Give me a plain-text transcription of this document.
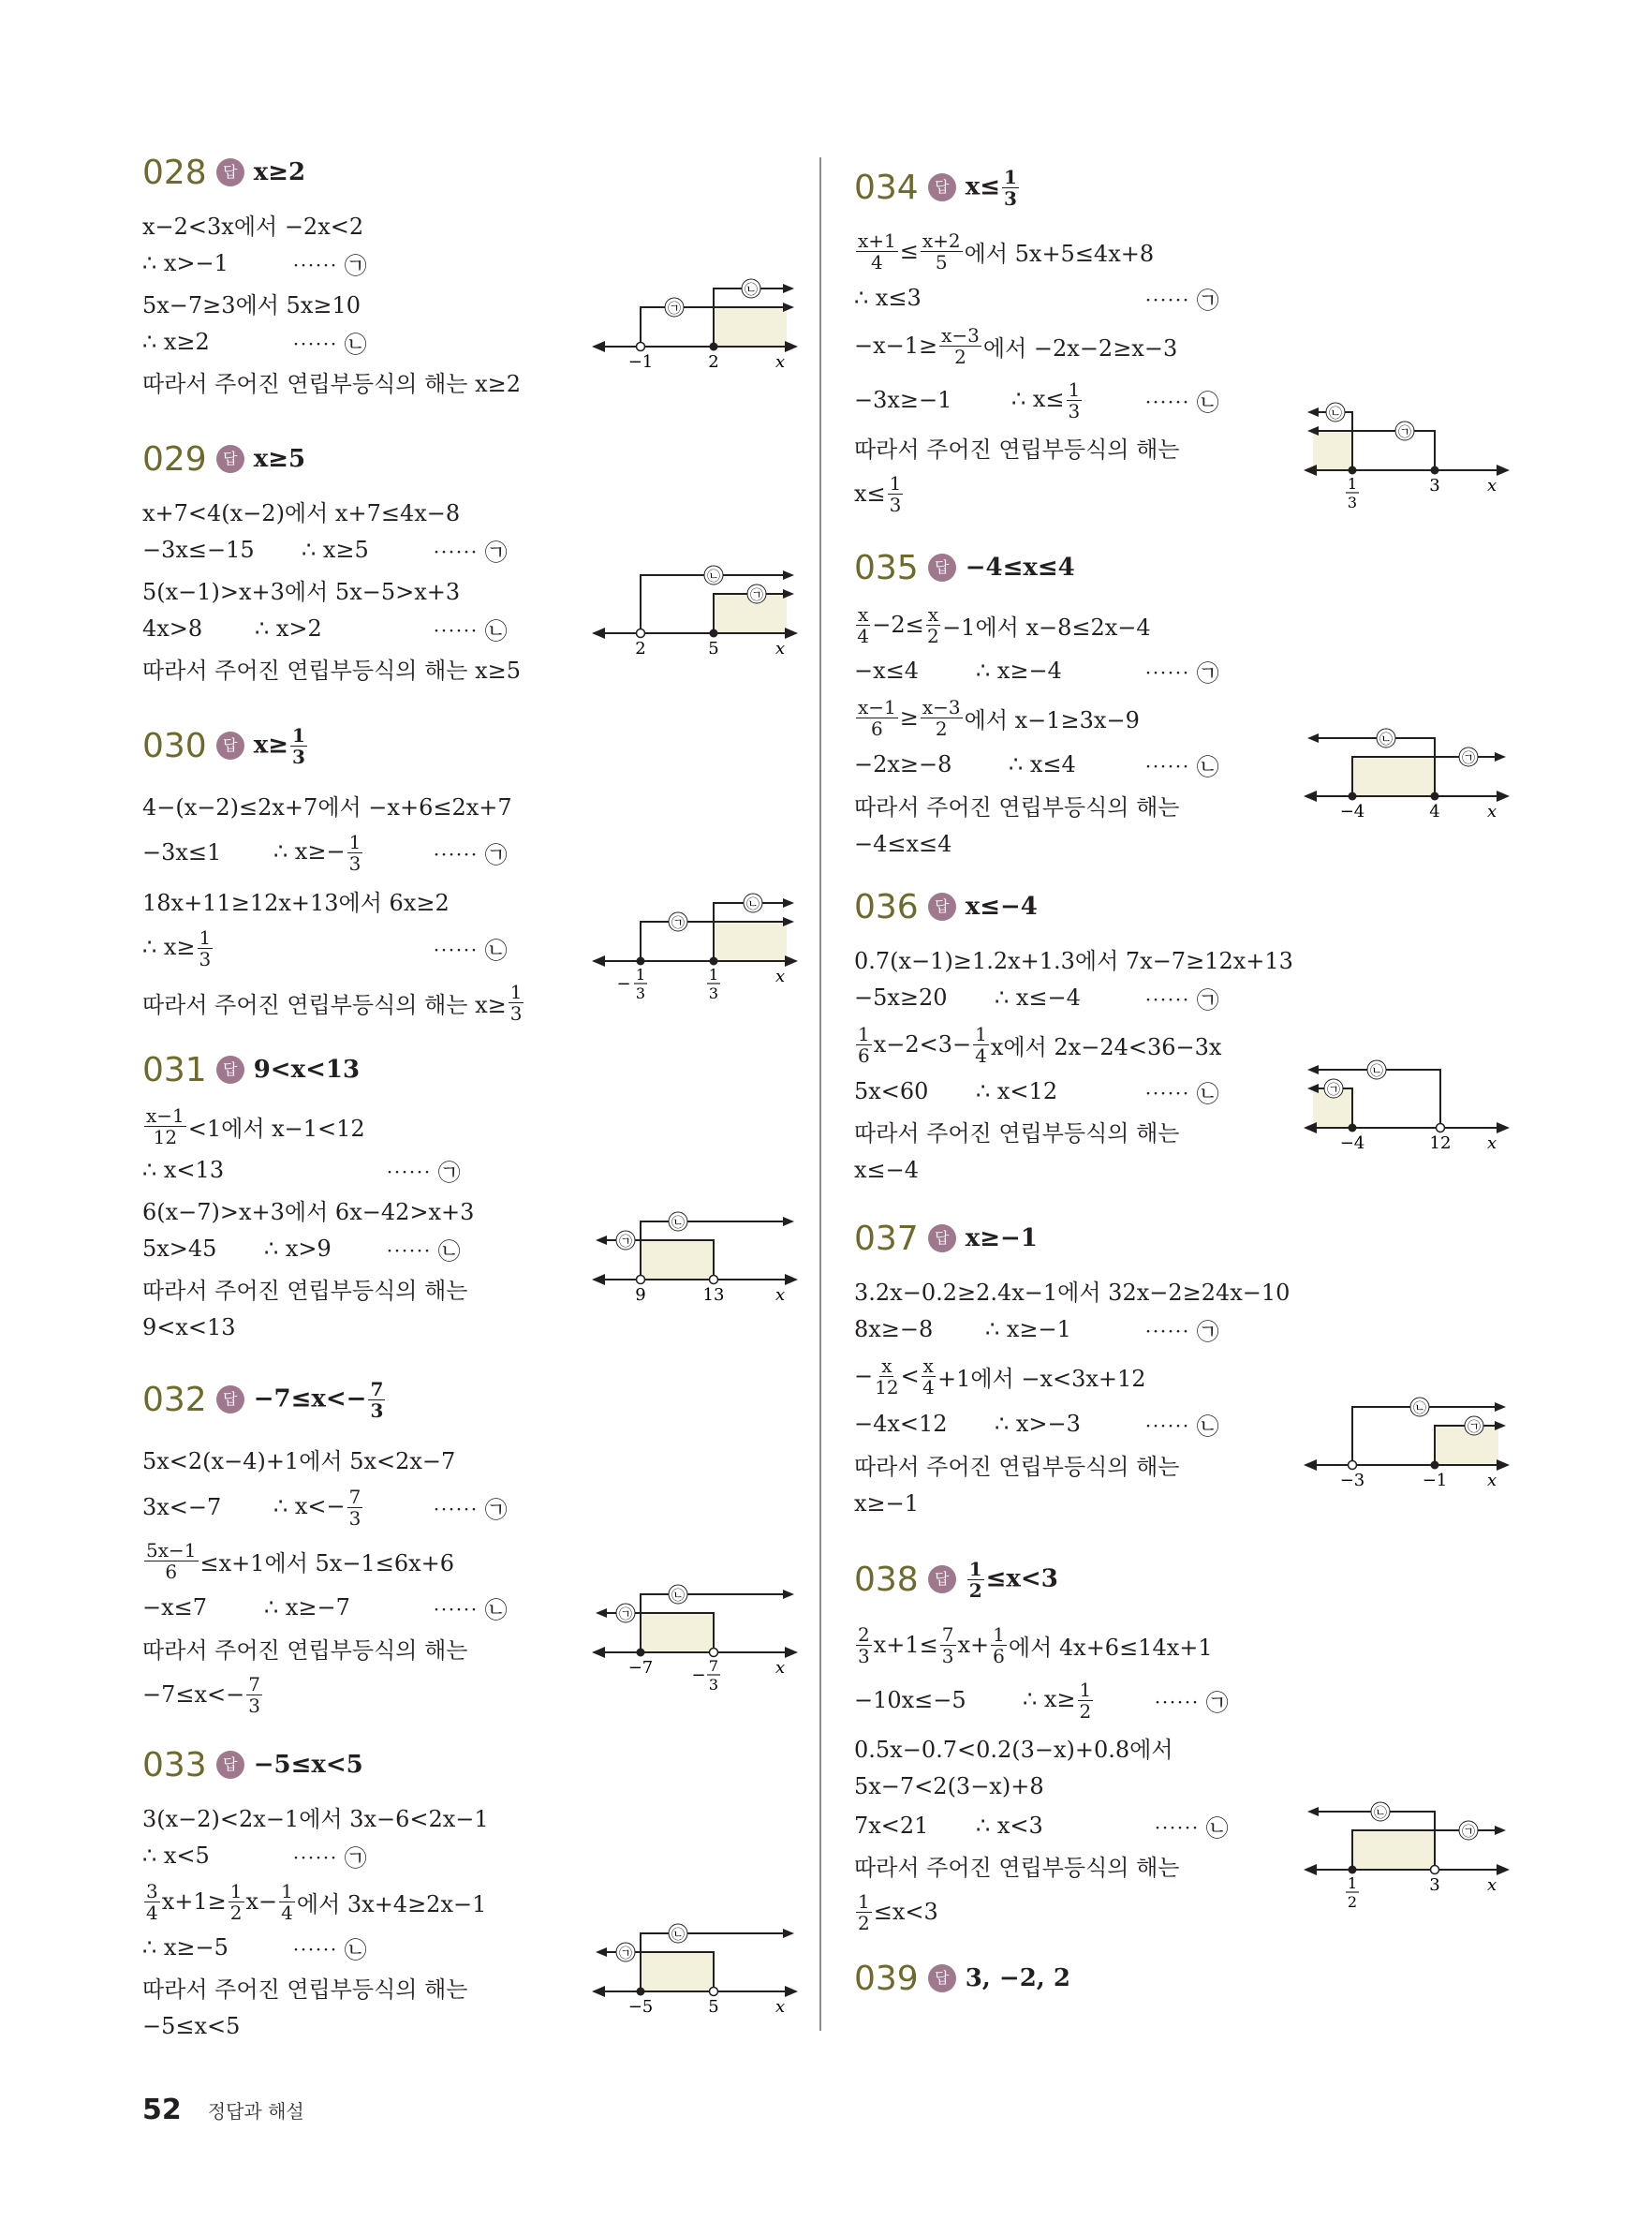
028	답 x≥2
x−2<3x에서 −2x<2
∴ x>−1	⋯⋯ ㉠
5x−7≥3에서 5x≥10
∴ x≥2	⋯⋯ ㉡
따라서 주어진 연립부등식의 해는 x≥2
㉠
㉡
−1	2	x
029	답 x≥5
x+7<4(x−2)에서 x+7≤4x−8
−3x≤−15 ∴ x≥5	⋯⋯ ㉠
5(x−1)>x+3에서 5x−5>x+3
4x>8 ∴ x>2	⋯⋯ ㉡
따라서 주어진 연립부등식의 해는 x≥5
㉡
㉠
2	5	x
030	답 $x\ge \frac{1}{3}$
4−(x−2)≤2x+7에서 −x+6≤2x+7
−3x≤1 ∴ $x\ge- \frac{1}{3}$	⋯⋯ ㉠
18x+11≥12x+13에서 6x≥2
∴ $x\ge \frac{1}{3}$	⋯⋯ ㉡
따라서 주어진 연립부등식의 해는 $x\ge \frac{1}{3}$
㉠
㉡
− 1
3
1
3
x
031	답 9<x<13
$\frac{x-1}{12} <1$에서 x−1<12
∴ x<13	⋯⋯ ㉠
6(x−7)>x+3에서 6x−42>x+3
5x>45 ∴ x>9 ⋯⋯ ㉡
따라서 주어진 연립부등식의 해는
9<x<13
㉠
㉡
9	13	x
032	답 $-7\le x<- \frac{7}{3}$
5x<2(x−4)+1에서 5x<2x−7
3x<−7 ∴ $x<- \frac{7}{3}$	⋯⋯ ㉠
$\frac{5x-1}{6} \le x+1$에서 5x−1≤6x+6
−x≤7	∴ x≥−7	⋯⋯ ㉡
따라서 주어진 연립부등식의 해는
$-7\le x<- \frac{7}{3}$
㉠
㉡
−7 − 7
3
x
033	답 −5≤x<5
3(x−2)<2x−1에서 3x−6<2x−1
∴ x<5	⋯⋯ ㉠
$\frac{3}{4} x+1\ge \frac{1}{2} x- \frac{1}{4}$ 에서 3x+4≥2x−1
∴ x≥−5	⋯⋯ ㉡
따라서 주어진 연립부등식의 해는
−5≤x<5
㉠
㉡
−5	5	x
034	답 $x\le \frac{1}{3}$
$\frac{x+1}{4} \le \frac{x+2}{5}$ 에서 5x+5≤4x+8
∴ x≤3	⋯⋯ ㉠
$-x-1\ge \frac{x-3}{2}$ 에서 −2x−2≥x−3
−3x≥−1	∴ $x\le \frac{1}{3}$	⋯⋯ ㉡
따라서 주어진 연립부등식의 해는
$x\le \frac{1}{3}$
㉡
㉠
1
3
3	x
035	답 −4≤x≤4
$\frac{x}{4} -2\le \frac{x}{2} -1$에서 x−8≤2x−4
−x≤4	∴ x≥−4	⋯⋯ ㉠
$\frac{x-1}{6} \ge \frac{x-3}{2}$ 에서 x−1≥3x−9
−2x≥−8	∴ x≤4	⋯⋯ ㉡
따라서 주어진 연립부등식의 해는
−4≤x≤4
㉡
㉠
−4	4	x
036	답 x≤−4
0.7(x−1)≥1.2x+1.3에서 7x−7≥12x+13
−5x≥20 ∴ x≤−4	⋯⋯ ㉠
$\frac{1}{6} x-2<3- \frac{1}{4}$ x에서 2x−24<36−3x
5x<60 ∴ x<12	⋯⋯ ㉡
따라서 주어진 연립부등식의 해는
x≤−4
㉠
㉡
−4	12 x
037	답 x≥−1
3.2x−0.2≥2.4x−1에서 32x−2≥24x−10
8x≥−8 ∴ x≥−1	⋯⋯ ㉠
− $\frac{x}{12} < \frac{x}{4} +1$에서 −x<3x+12
−4x<12 ∴ x>−3	⋯⋯ ㉡
따라서 주어진 연립부등식의 해는
x≥−1
㉡
㉠
−3	−1 x
038	답 $\frac{1}{2} \le x<3$
$\frac{2}{3} x+1\le \frac{7}{3} x+ \frac{1}{6}$ 에서 4x+6≤14x+1
−10x≤−5	∴ $x\ge \frac{1}{2}$	⋯⋯ ㉠
0.5x−0.7<0.2(3−x)+0.8에서
5x−7<2(3−x)+8
7x<21 ∴ x<3	⋯⋯ ㉡
따라서 주어진 연립부등식의 해는
$\frac{1}{2} \le x<3$
㉡
㉠
1
2
3	x
039	답 3, −2, 2
52 정답과 해설
